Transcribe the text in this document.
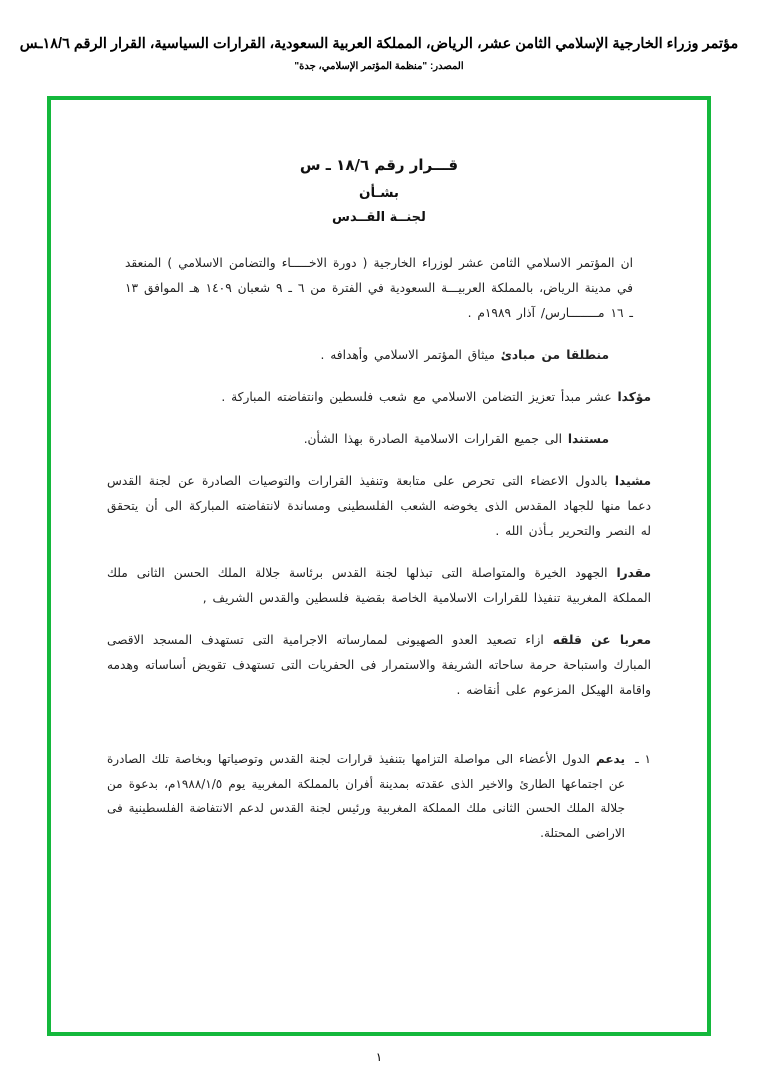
مؤتمر وزراء الخارجية الإسلامي الثامن عشر، الرياض، المملكة العربية السعودية، القرارات السياسية، القرار الرقم ١٨/٦ـس
المصدر: "منظمة المؤتمر الإسلامي، جدة"
قـــرار رقم ١٨/٦ ـ س
بشـأن
لجنــة القــدس
ان المؤتمر الاسلامي الثامن عشر لوزراء الخارجية ( دورة الاخـــــاء والتضامن الاسلامي ) المنعقد في مدينة الرياض، بالمملكة العربيـــة السعودية في الفترة من ٦ ـ ٩ شعبان ١٤٠٩ هـ الموافق ١٣ ـ ١٦ مــــــــارس/ آذار ١٩٨٩م .
منطلقا من مبادئ ميثاق المؤتمر الاسلامي وأهدافه .
مؤكدا عشر مبدأ تعزيز التضامن الاسلامي مع شعب فلسطين وانتفاضته المباركة .
مستندا الى جميع القرارات الاسلامية الصادرة بهذا الشأن.
مشيدا بالدول الاعضاء التى تحرص على متابعة وتنفيذ القرارات والتوصيات الصادرة عن لجنة القدس دعما منها للجهاد المقدس الذى يخوضه الشعب الفلسطينى ومساندة لانتفاضته المباركة الى أن يتحقق له النصر والتحرير بـأذن الله .
مقدرا الجهود الخيرة والمتواصلة التى تبذلها لجنة القدس برئاسة جلالة الملك الحسن الثانى ملك المملكة المغربية تنفيذا للقرارات الاسلامية الخاصة بقضية فلسطين والقدس الشريف ,
معربا عن قلقه ازاء تصعيد العدو الصهيونى لممارساته الاجرامية التى تستهدف المسجد الاقصى المبارك واستباحة حرمة ساحاته الشريفة والاستمرار فى الحفريات التى تستهدف تقويض أساساته وهدمه واقامة الهيكل المزعوم على أنقاضه .
١ ـ
يدعم الدول الأعضاء الى مواصلة التزامها بتنفيذ قرارات لجنة القدس وتوصياتها وبخاصة تلك الصادرة عن اجتماعها الطارئ والاخير الذى عقدته بمدينة أفران بالمملكة المغربية يوم ١٩٨٨/١/٥م، بدعوة من جلالة الملك الحسن الثانى ملك المملكة المغربية ورئيس لجنة القدس لدعم الانتفاضة الفلسطينية فى الاراضى المحتلة.
١
